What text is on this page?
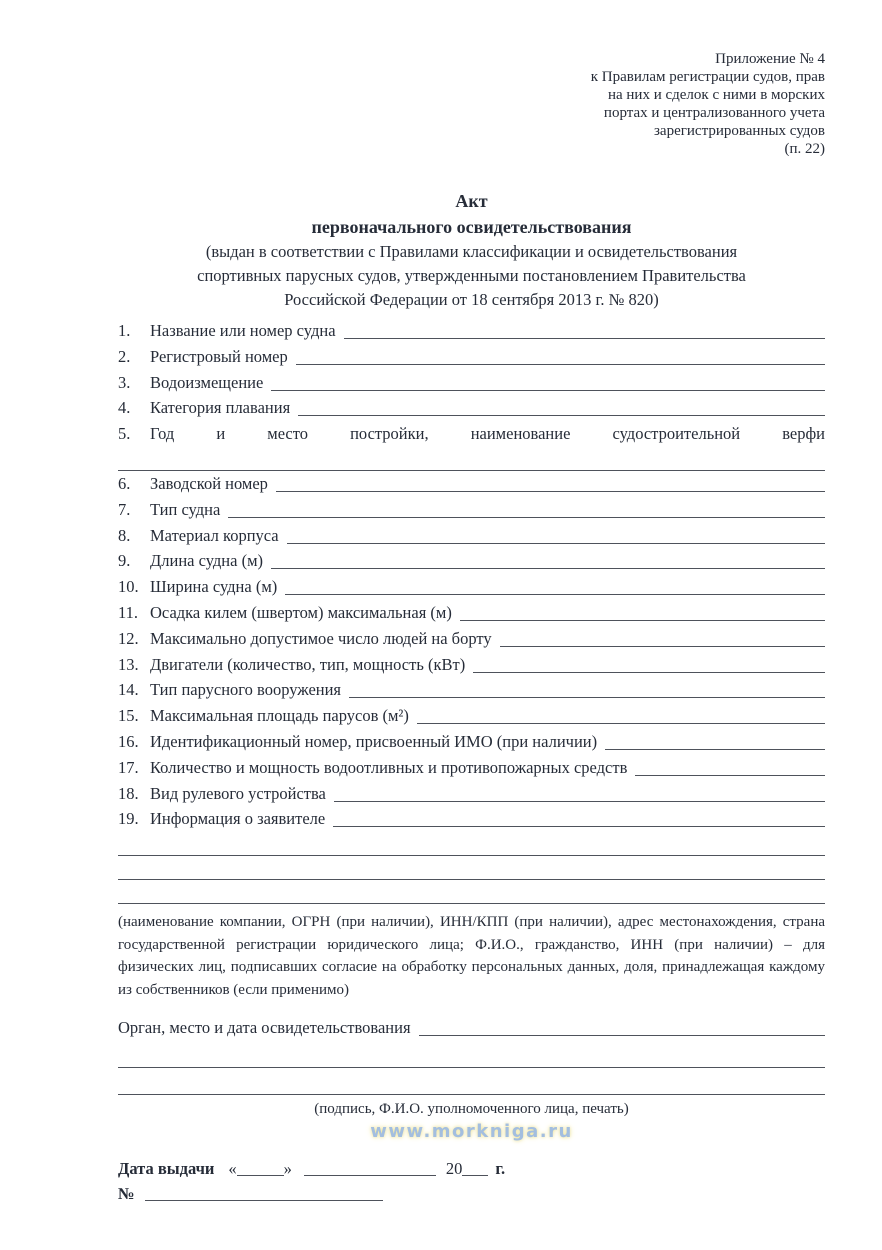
Приложение № 4
к Правилам регистрации судов, прав
на них и сделок с ними в морских
портах и централизованного учета
зарегистрированных судов
(п. 22)
Акт
первоначального освидетельствования
(выдан в соответствии с Правилами классификации и освидетельствования
спортивных парусных судов, утвержденными постановлением Правительства
Российской Федерации от 18 сентября 2013 г. № 820)
1.	Название или номер судна
2.	Регистровый номер
3.	Водоизмещение
4.	Категория плавания
5.	Год и место постройки, наименование судостроительной верфи
6.	Заводской номер
7.	Тип судна
8.	Материал корпуса
9.	Длина судна (м)
10. Ширина судна (м)
11. Осадка килем (швертом) максимальная (м)
12. Максимально допустимое число людей на борту
13. Двигатели (количество, тип, мощность (кВт)
14. Тип парусного вооружения
15. Максимальная площадь парусов (м²)
16. Идентификационный номер, присвоенный ИМО (при наличии)
17. Количество и мощность водоотливных и противопожарных средств
18. Вид рулевого устройства
19. Информация о заявителе
(наименование компании, ОГРН (при наличии), ИНН/КПП (при наличии), адрес местонахождения, страна государственной регистрации юридического лица; Ф.И.О., гражданство, ИНН (при наличии) – для физических лиц, подписавших согласие на обработку персональных данных, доля, принадлежащая каждому из собственников (если применимо)
Орган, место и дата освидетельствования
(подпись, Ф.И.О. уполномоченного лица, печать)
www.morkniga.ru
Дата выдачи «	»	20 г.
№
